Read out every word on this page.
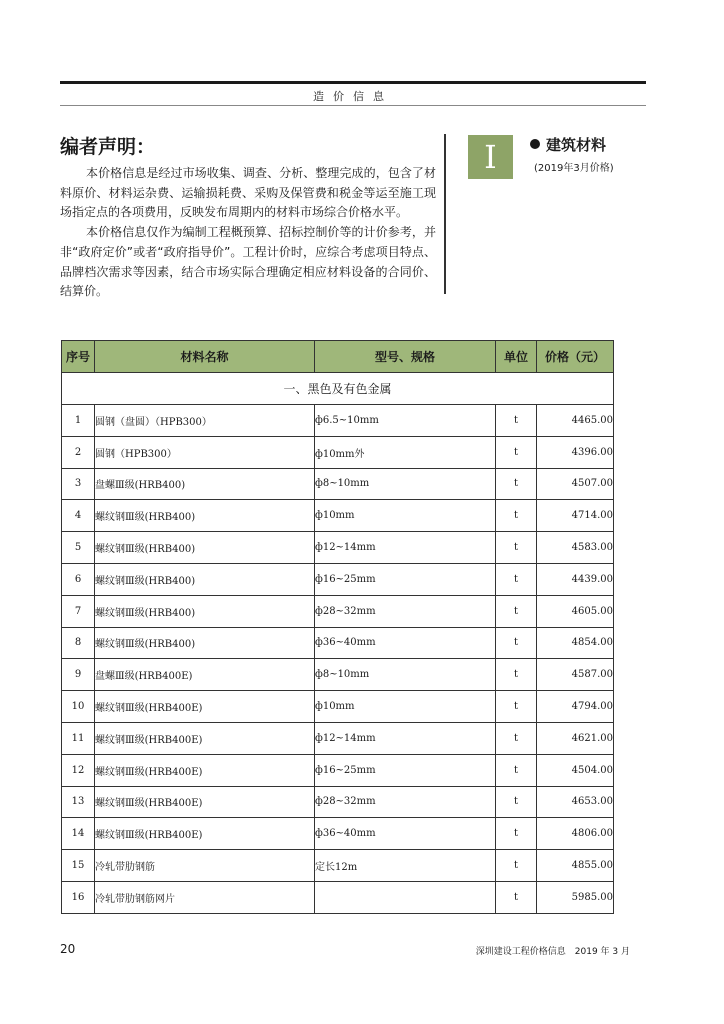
造价信息
编者声明：

本价格信息是经过市场收集、调查、分析、整理完成的，包含了材料原价、材料运杂费、运输损耗费、采购及保管费和税金等运至施工现场指定点的各项费用，反映发布周期内的材料市场综合价格水平。

本价格信息仅作为编制工程概预算、招标控制价等的计价参考，并非“政府定价”或者“政府指导价”。工程计价时，应综合考虑项目特点、品牌档次需求等因素，结合市场实际合理确定相应材料设备的合同价、结算价。

I	建筑材料
(2019年3月价格)
序号	材料名称	型号、规格	单位	价格（元）
一、黑色及有色金属				
1	圆钢（盘圆）（HPB300）	ф6.5~10mm	t	4465.00
2	圆钢（HPB300）	ф10mm外	t	4396.00
3	盘螺Ⅲ级(HRB400)	ф8~10mm	t	4507.00
4	螺纹钢Ⅲ级(HRB400)	ф10mm	t	4714.00
5	螺纹钢Ⅲ级(HRB400)	ф12~14mm	t	4583.00
6	螺纹钢Ⅲ级(HRB400)	ф16~25mm	t	4439.00
7	螺纹钢Ⅲ级(HRB400)	ф28~32mm	t	4605.00
8	螺纹钢Ⅲ级(HRB400)	ф36~40mm	t	4854.00
9	盘螺Ⅲ级(HRB400E)	ф8~10mm	t	4587.00
10	螺纹钢Ⅲ级(HRB400E)	ф10mm	t	4794.00
11	螺纹钢Ⅲ级(HRB400E)	ф12~14mm	t	4621.00
12	螺纹钢Ⅲ级(HRB400E)	ф16~25mm	t	4504.00
13	螺纹钢Ⅲ级(HRB400E)	ф28~32mm	t	4653.00
14	螺纹钢Ⅲ级(HRB400E)	ф36~40mm	t	4806.00
15	冷轧带肋钢筋	定长12m	t	4855.00
16	冷轧带肋钢筋网片		t	5985.00
20	深圳建设工程价格信息　2019 年 3 月
